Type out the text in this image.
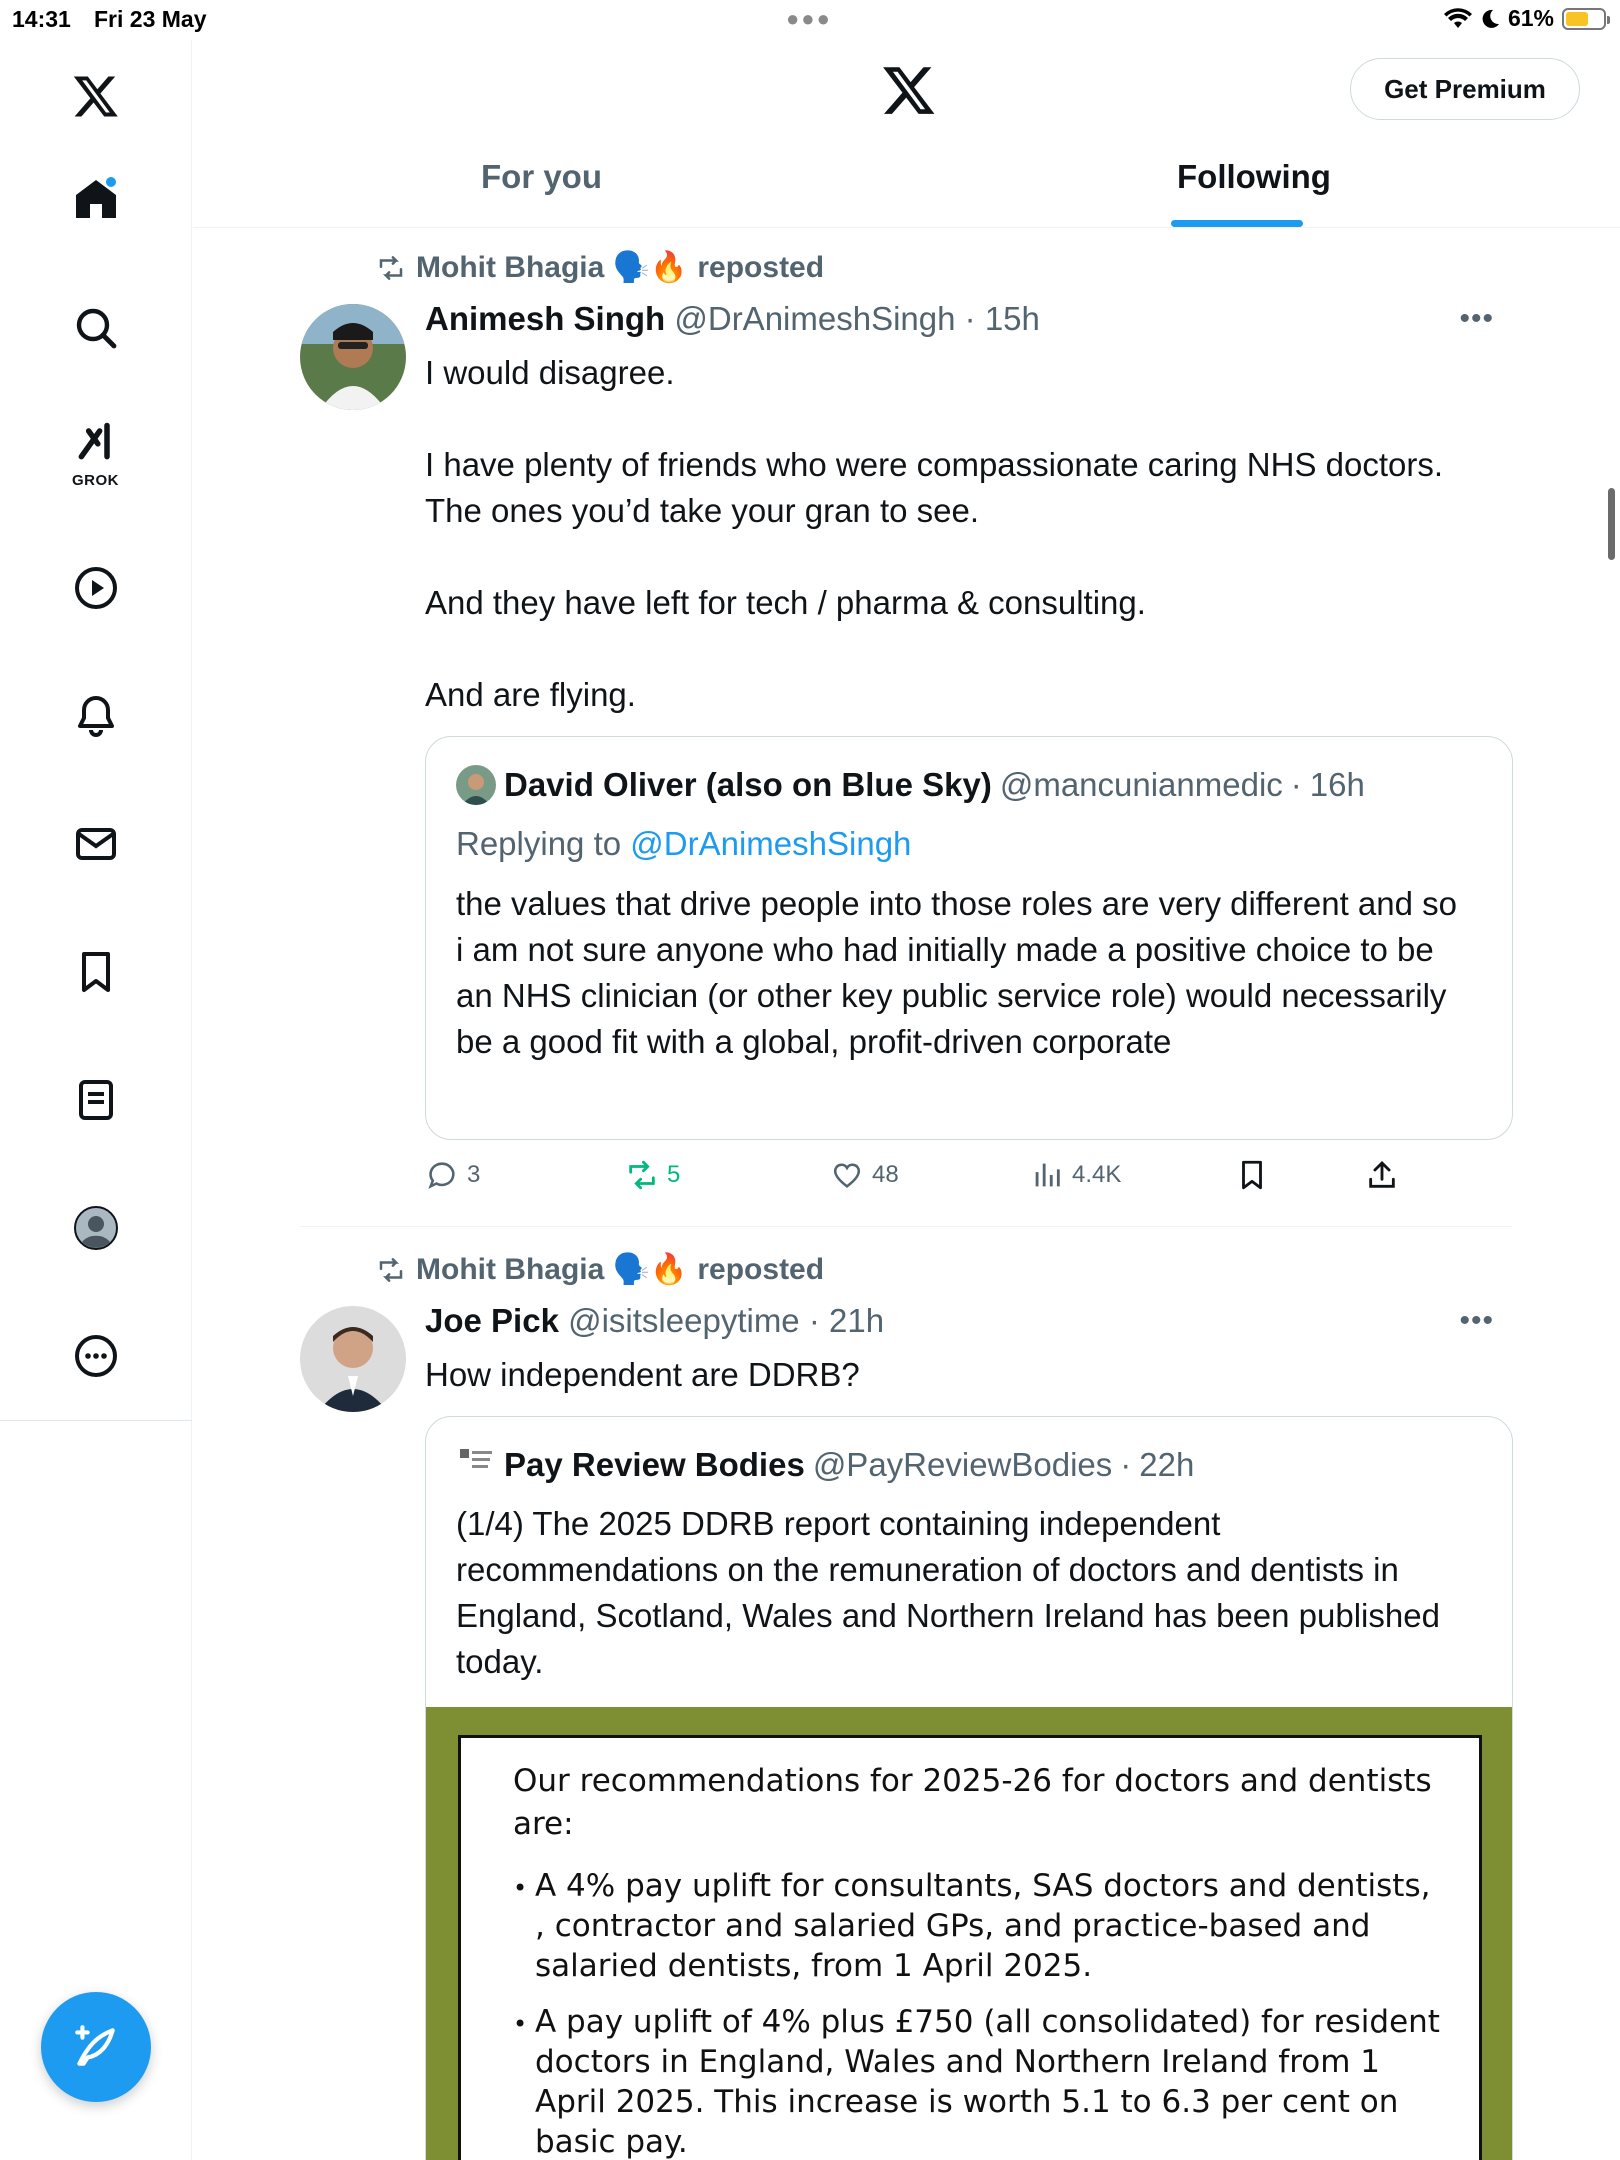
14:31 Fri 23 May	●●●	61%
GROK
Get Premium
For you	Following
Mohit Bhagia 🗣️🔥 reposted
Animesh Singh @DrAnimeshSingh · 15h	•••
I would disagree.

I have plenty of friends who were compassionate caring NHS doctors. The ones you’d take your gran to see.

And they have left for tech / pharma & consulting.

And are flying.
David Oliver (also on Blue Sky) @mancunianmedic · 16h
Replying to @DrAnimeshSingh
the values that drive people into those roles are very different and so i am not sure anyone who had initially made a positive choice to be an NHS clinician (or other key public service role) would necessarily be a good fit with a global, profit-driven corporate
3	5	48	4.4K
Mohit Bhagia 🗣️🔥 reposted
Joe Pick @isitsleepytime · 21h	•••
How independent are DDRB?
Pay Review Bodies @PayReviewBodies · 22h
(1/4) The 2025 DDRB report containing independent recommendations on the remuneration of doctors and dentists in England, Scotland, Wales and Northern Ireland has been published today.
Our recommendations for 2025-26 for doctors and dentists are:
• A 4% pay uplift for consultants, SAS doctors and dentists, , contractor and salaried GPs, and practice-based and salaried dentists, from 1 April 2025.
• A pay uplift of 4% plus £750 (all consolidated) for resident doctors in England, Wales and Northern Ireland from 1 April 2025. This increase is worth 5.1 to 6.3 per cent on basic pay.
